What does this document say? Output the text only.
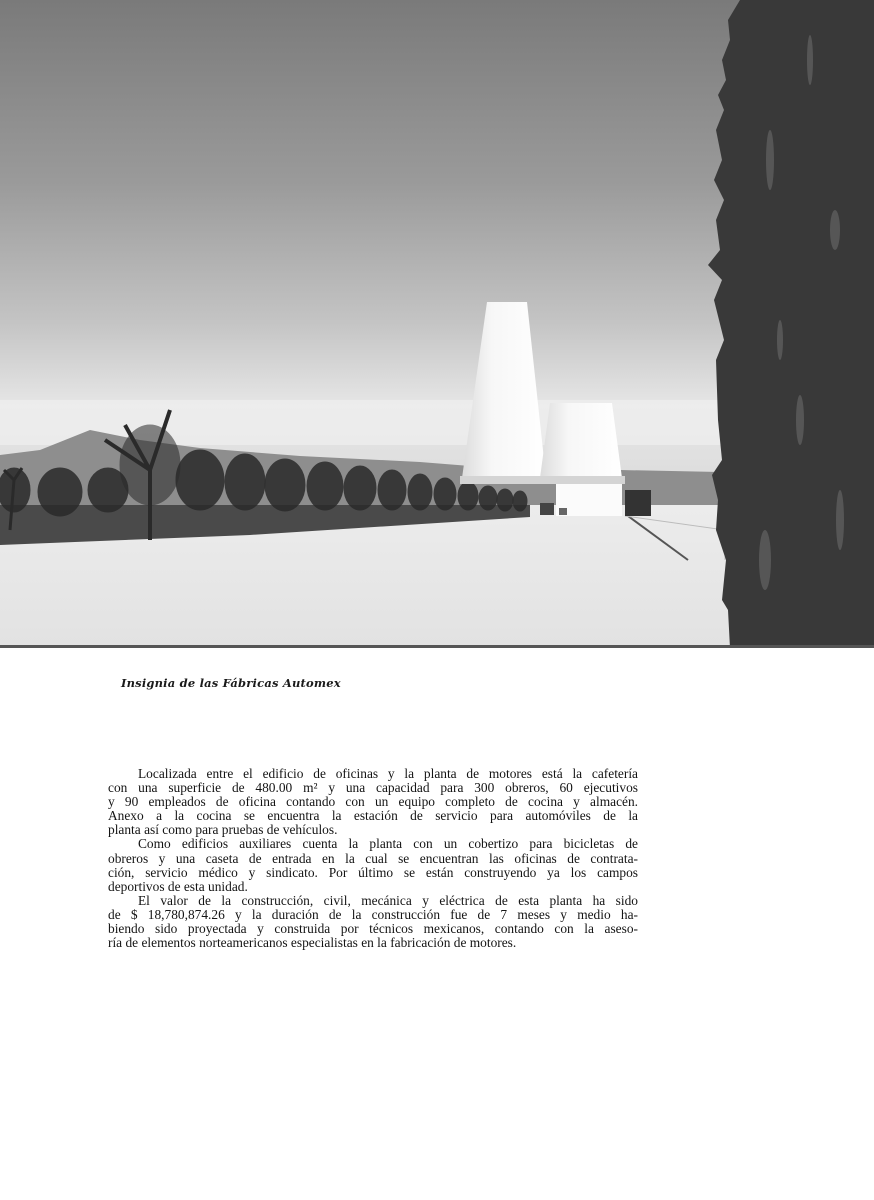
Insignia de las Fábricas Automex
Localizada entre el edificio de oficinas y la planta de motores está la cafetería
con una superficie de 480.00 m² y una capacidad para 300 obreros, 60 ejecutivos
y 90 empleados de oficina contando con un equipo completo de cocina y almacén.
Anexo a la cocina se encuentra la estación de servicio para automóviles de la
planta así como para pruebas de vehículos.
Como edificios auxiliares cuenta la planta con un cobertizo para bicicletas de
obreros y una caseta de entrada en la cual se encuentran las oficinas de contrata-
ción, servicio médico y sindicato. Por último se están construyendo ya los campos
deportivos de esta unidad.
El valor de la construcción, civil, mecánica y eléctrica de esta planta ha sido
de $ 18,780,874.26 y la duración de la construcción fue de 7 meses y medio ha-
biendo sido proyectada y construida por técnicos mexicanos, contando con la aseso-
ría de elementos norteamericanos especialistas en la fabricación de motores.
